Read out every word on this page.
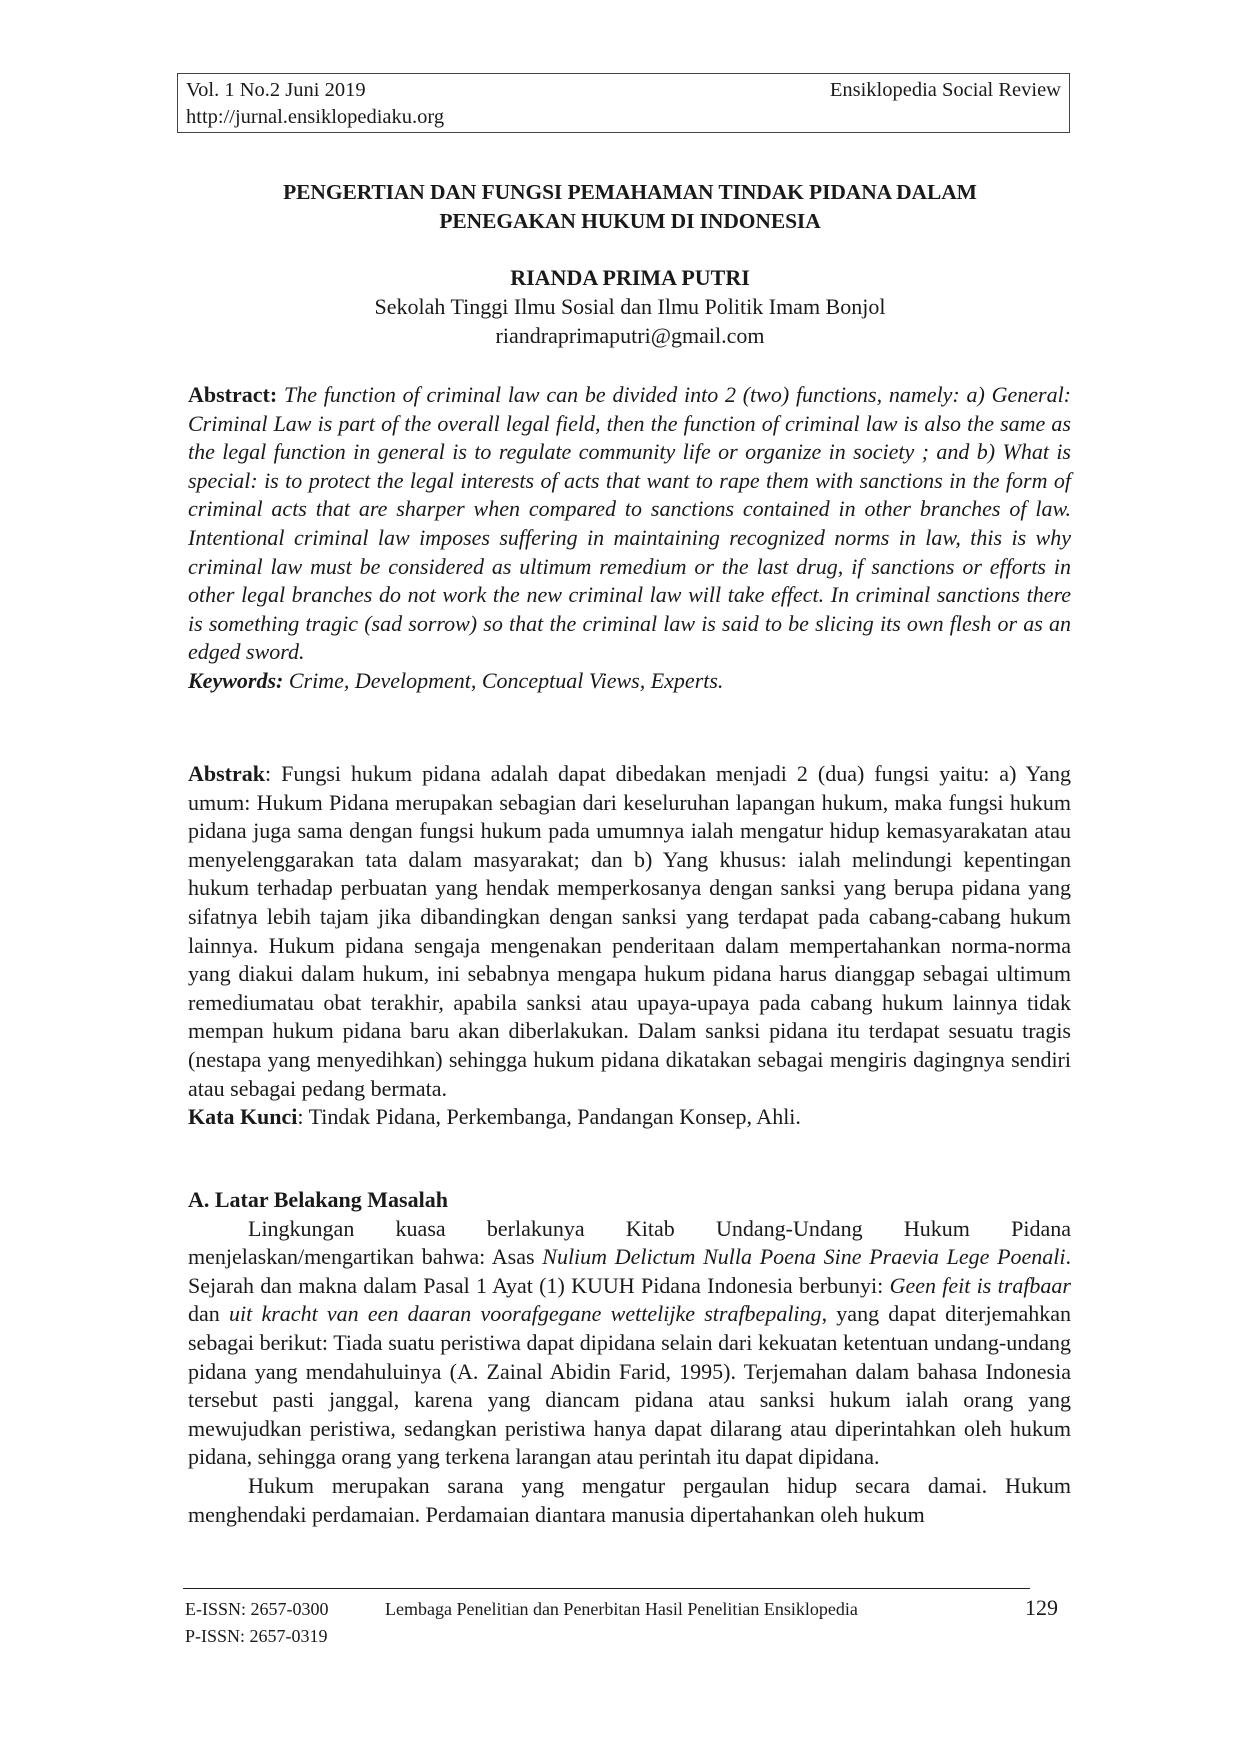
Vol. 1 No.2 Juni 2019	Ensiklopedia Social Review
http://jurnal.ensiklopediaku.org
PENGERTIAN DAN FUNGSI PEMAHAMAN TINDAK PIDANA DALAM
PENEGAKAN HUKUM DI INDONESIA
RIANDA PRIMA PUTRI
Sekolah Tinggi Ilmu Sosial dan Ilmu Politik Imam Bonjol
riandraprimaputri@gmail.com

Abstract: The function of criminal law can be divided into 2 (two) functions, namely: a) General: Criminal Law is part of the overall legal field, then the function of criminal law is also the same as the legal function in general is to regulate community life or organize in society ; and b) What is special: is to protect the legal interests of acts that want to rape them with sanctions in the form of criminal acts that are sharper when compared to sanctions contained in other branches of law. Intentional criminal law imposes suffering in maintaining recognized norms in law, this is why criminal law must be considered as ultimum remedium or the last drug, if sanctions or efforts in other legal branches do not work the new criminal law will take effect. In criminal sanctions there is something tragic (sad sorrow) so that the criminal law is said to be slicing its own flesh or as an edged sword.

Keywords: Crime, Development, Conceptual Views, Experts.

Abstrak: Fungsi hukum pidana adalah dapat dibedakan menjadi 2 (dua) fungsi yaitu: a) Yang umum: Hukum Pidana merupakan sebagian dari keseluruhan lapangan hukum, maka fungsi hukum pidana juga sama dengan fungsi hukum pada umumnya ialah mengatur hidup kemasyarakatan atau menyelenggarakan tata dalam masyarakat; dan b) Yang khusus: ialah melindungi kepentingan hukum terhadap perbuatan yang hendak memperkosanya dengan sanksi yang berupa pidana yang sifatnya lebih tajam jika dibandingkan dengan sanksi yang terdapat pada cabang-cabang hukum lainnya. Hukum pidana sengaja mengenakan penderitaan dalam mempertahankan norma-norma yang diakui dalam hukum, ini sebabnya mengapa hukum pidana harus dianggap sebagai ultimum remediumatau obat terakhir, apabila sanksi atau upaya-upaya pada cabang hukum lainnya tidak mempan hukum pidana baru akan diberlakukan. Dalam sanksi pidana itu terdapat sesuatu tragis (nestapa yang menyedihkan) sehingga hukum pidana dikatakan sebagai mengiris dagingnya sendiri atau sebagai pedang bermata.

Kata Kunci: Tindak Pidana, Perkembanga, Pandangan Konsep, Ahli.

A. Latar Belakang Masalah

Lingkungan kuasa berlakunya Kitab Undang-Undang Hukum Pidana menjelaskan/mengartikan bahwa: Asas Nulium Delictum Nulla Poena Sine Praevia Lege Poenali. Sejarah dan makna dalam Pasal 1 Ayat (1) KUUH Pidana Indonesia berbunyi: Geen feit is trafbaar dan uit kracht van een daaran voorafgegane wettelijke strafbepaling, yang dapat diterjemahkan sebagai berikut: Tiada suatu peristiwa dapat dipidana selain dari kekuatan ketentuan undang-undang pidana yang mendahuluinya (A. Zainal Abidin Farid, 1995). Terjemahan dalam bahasa Indonesia tersebut pasti janggal, karena yang diancam pidana atau sanksi hukum ialah orang yang mewujudkan peristiwa, sedangkan peristiwa hanya dapat dilarang atau diperintahkan oleh hukum pidana, sehingga orang yang terkena larangan atau perintah itu dapat dipidana.

Hukum merupakan sarana yang mengatur pergaulan hidup secara damai. Hukum menghendaki perdamaian. Perdamaian diantara manusia dipertahankan oleh hukum

E-ISSN: 2657-0300	Lembaga Penelitian dan Penerbitan Hasil Penelitian Ensiklopedia	129
P-ISSN: 2657-0319
